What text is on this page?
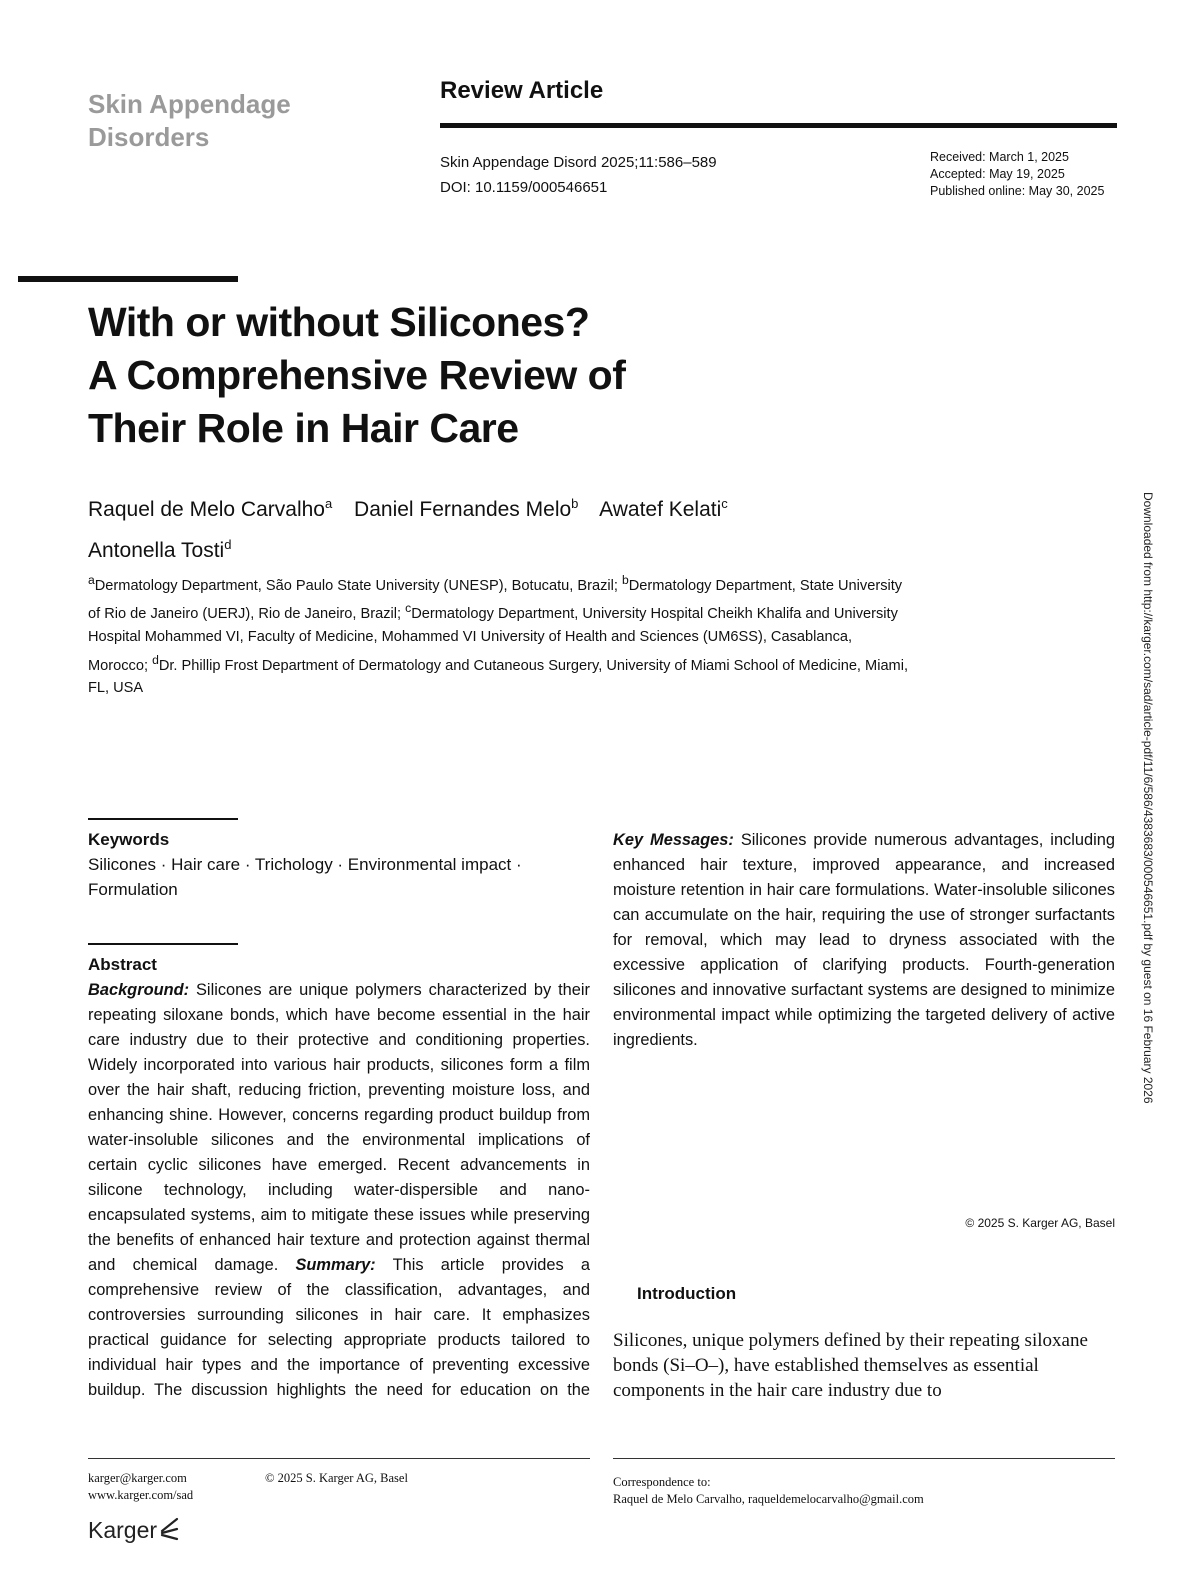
Skin Appendage Disorders
Review Article
Skin Appendage Disord 2025;11:586–589
DOI: 10.1159/000546651
Received: March 1, 2025
Accepted: May 19, 2025
Published online: May 30, 2025
With or without Silicones?
A Comprehensive Review of
Their Role in Hair Care
Raquel de Melo Carvalho$^a$ Daniel Fernandes Melo$^b$ Awatef Kelati$^c$
Antonella Tosti$^d$
$^a$Dermatology Department, São Paulo State University (UNESP), Botucatu, Brazil; $^b$Dermatology Department, State University of Rio de Janeiro (UERJ), Rio de Janeiro, Brazil; $^c$Dermatology Department, University Hospital Cheikh Khalifa and University Hospital Mohammed VI, Faculty of Medicine, Mohammed VI University of Health and Sciences (UM6SS), Casablanca, Morocco; $^d$Dr. Phillip Frost Department of Dermatology and Cutaneous Surgery, University of Miami School of Medicine, Miami, FL, USA	Downloaded from http://karger.com/sad/article-pdf/11/6/586/4383683/000546651.pdf by guest on 16 February 2026
Keywords
Silicones · Hair care · Trichology · Environmental impact · Formulation
Abstract
Background: Silicones are unique polymers characterized by their repeating siloxane bonds, which have become essential in the hair care industry due to their protective and conditioning properties. Widely incorporated into various hair products, silicones form a film over the hair shaft, reducing friction, preventing moisture loss, and enhancing shine. However, concerns regarding product buildup from water-insoluble silicones and the environmental implications of certain cyclic silicones have emerged. Recent advancements in silicone technology, including water-dispersible and nano-encapsulated systems, aim to mitigate these issues while preserving the benefits of enhanced hair texture and protection against thermal and chemical damage. Summary: This article provides a comprehensive review of the classification, advantages, and controversies surrounding silicones in hair care. It emphasizes practical guidance for selecting appropriate products tailored to individual hair types and the importance of preventing excessive buildup. The discussion highlights the need for education on the
Key Messages: Silicones provide numerous advantages, including enhanced hair texture, improved appearance, and increased moisture retention in hair care formulations. Water-insoluble silicones can accumulate on the hair, requiring the use of stronger surfactants for removal, which may lead to dryness associated with the excessive application of clarifying products. Fourth-generation silicones and innovative surfactant systems are designed to minimize environmental impact while optimizing the targeted delivery of active ingredients.
© 2025 S. Karger AG, Basel
Introduction
Silicones, unique polymers defined by their repeating siloxane bonds (Si–O–), have established themselves as essential components in the hair care industry due to
karger@karger.com
www.karger.com/sad
© 2025 S. Karger AG, Basel	Correspondence to:
Raquel de Melo Carvalho, raqueldemelocarvalho@gmail.com
Karger
